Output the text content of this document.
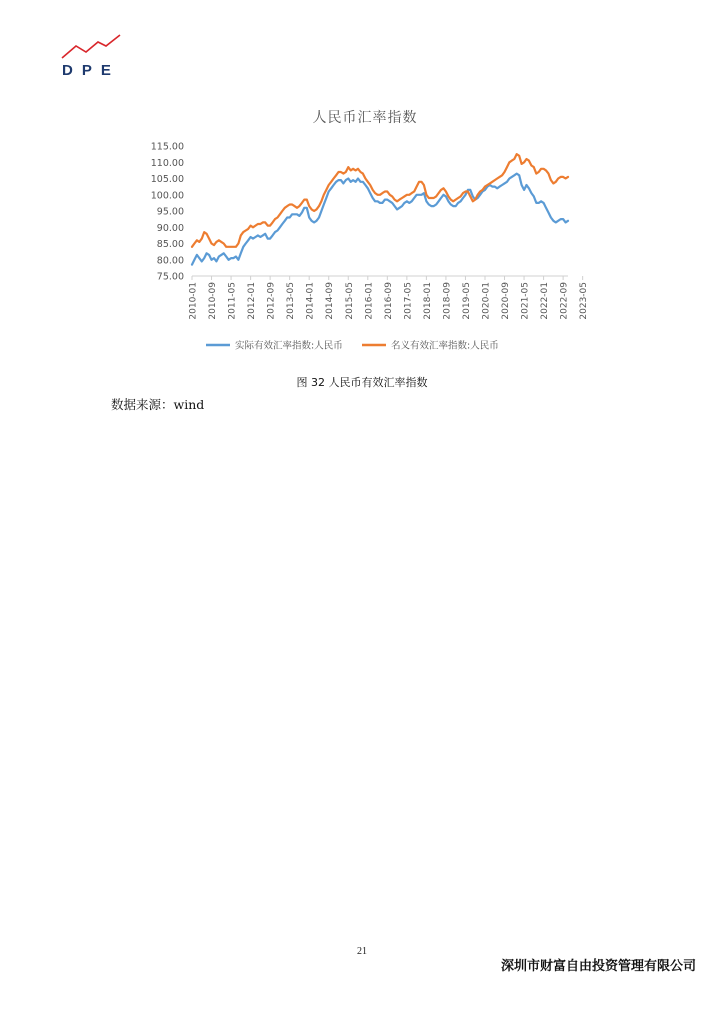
DPE
75.00
80.00
85.00
90.00
95.00
100.00
105.00
110.00
115.00
2010-01 2010-09 2011-05 2012-01 2012-09 2013-05 2014-01 2014-09 2015-05 2016-01 2016-09 2017-05 2018-01 2018-09 2019-05 2020-01 2020-09 2021-05 2022-01 2022-09 2023-05
实际有效汇率指数:人民币	名义有效汇率指数:人民币
人民币汇率指数
图 32 人民币有效汇率指数
数据来源：wind
21
深圳市财富自由投资管理有限公司
